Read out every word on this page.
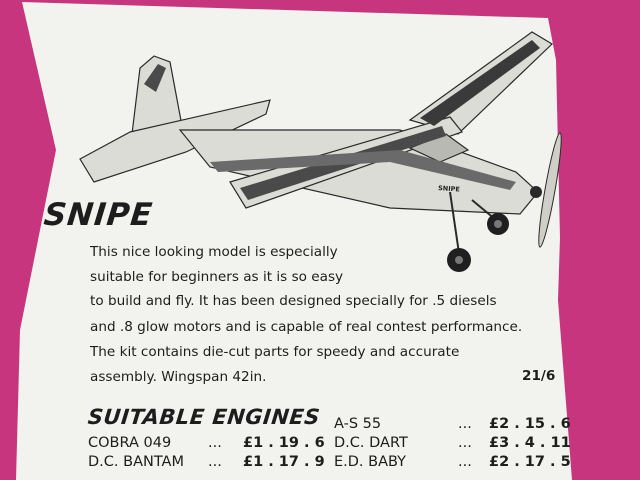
SNIPE
SNIPE

This nice looking model is especially

suitable for beginners as it is so easy

to build and fly. It has been designed specially for .5 diesels

and .8 glow motors and is capable of real contest performance.

The kit contains die-cut parts for speedy and accurate

assembly. Wingspan 42in.	21/6
SUITABLE ENGINES
COBRA 049	... £1 . 19 . 6
D.C. BANTAM ... £1 . 17 . 9
A-S 55	... £2 . 15 . 6
D.C. DART	... £3 . 4 . 11
E.D. BABY	... £2 . 17 . 5
